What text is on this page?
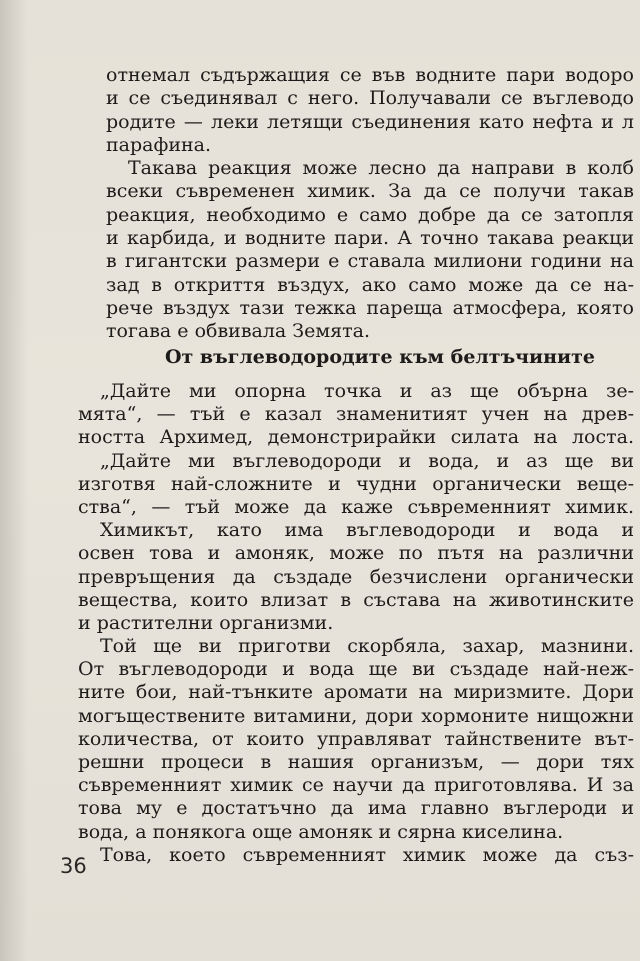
отнемал съдържащия се във водните пари водоро
и се съединявал с него. Получавали се въглеводо
родите — леки летящи съединения като нефта и л
парафина.
Такава реакция може лесно да направи в колб
всеки съвременен химик. За да се получи такав
реакция, необходимо е само добре да се затопля
и карбида, и водните пари. А точно такава реакци
в гигантски размери е ставала милиони години на
зад в откриття въздух, ако само може да се на-
рече въздух тази тежка пареща атмосфера, която
тогава е обвивала Земята.
От въглеводородите към белтъчините
„Дайте ми опорна точка и аз ще обърна зе-
мята“, — тъй е казал знаменитият учен на древ-
ността Архимед, демонстрирайки силата на лоста.
„Дайте ми въглеводороди и вода, и аз ще ви
изготвя най-сложните и чудни органически веще-
ства“, — тъй може да каже съвременният химик.
Химикът, като има въглеводороди и вода и
освен това и амоняк, може по пътя на различни
превръщения да създаде безчислени органически
вещества, които влизат в състава на животинските
и растителни организми.
Той ще ви приготви скорбяла, захар, мазнини.
От въглеводороди и вода ще ви създаде най-неж-
ните бои, най-тънките аромати на миризмите. Дори
могъществените витамини, дори хормоните нищожни
количества, от които управляват тайнствените вът-
решни процеси в нашия организъм, — дори тях
съвременният химик се научи да приготовлява. И за
това му е достатъчно да има главно въглероди и
вода, а понякога още амоняк и сярна киселина.
Това, което съвременният химик може да съз-
36
